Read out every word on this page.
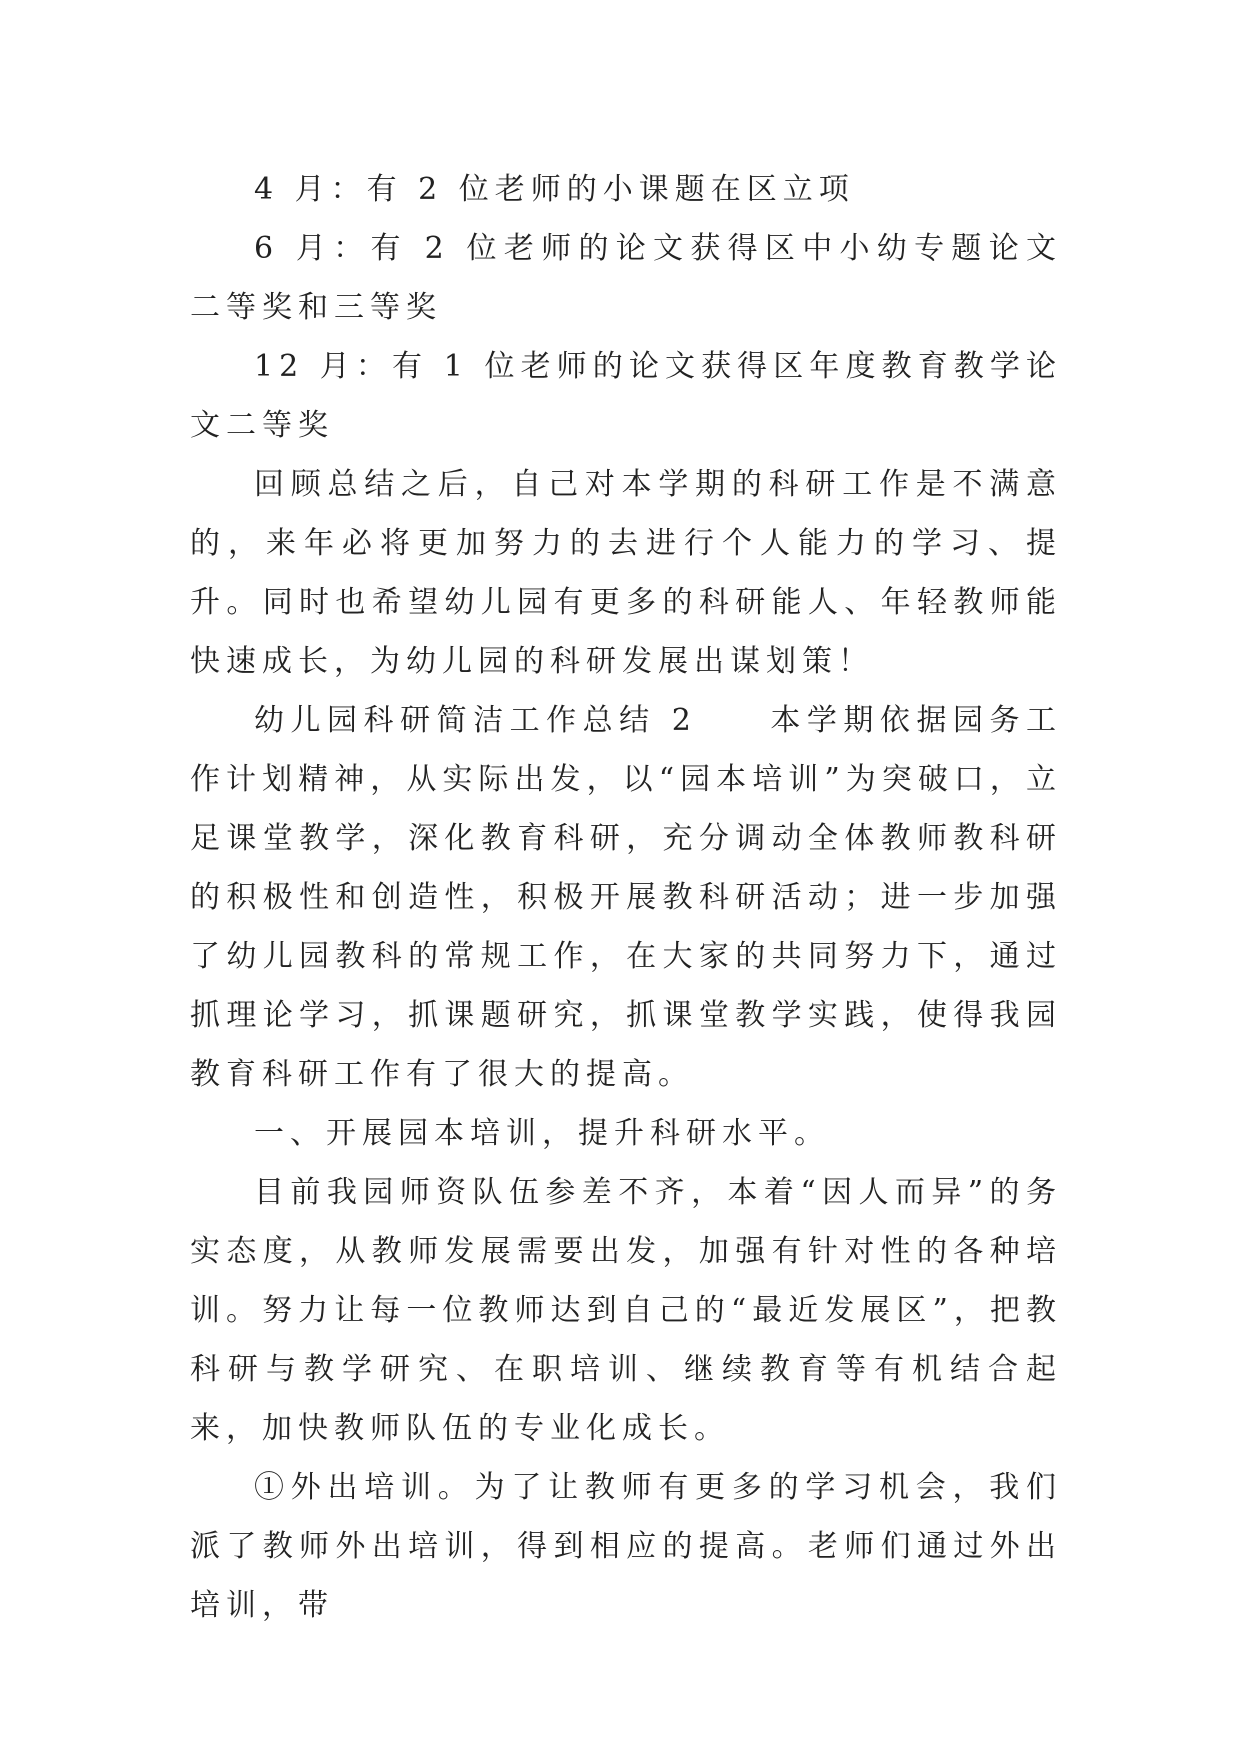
4 月：有 2 位老师的小课题在区立项

6 月：有 2 位老师的论文获得区中小幼专题论文二等奖和三等奖

12 月：有 1 位老师的论文获得区年度教育教学论文二等奖

回顾总结之后，自己对本学期的科研工作是不满意的，来年必将更加努力的去进行个人能力的学习、提升。同时也希望幼儿园有更多的科研能人、年轻教师能快速成长，为幼儿园的科研发展出谋划策！

幼儿园科研简洁工作总结 2　　本学期依据园务工作计划精神，从实际出发，以“园本培训”为突破口，立足课堂教学，深化教育科研，充分调动全体教师教科研的积极性和创造性，积极开展教科研活动；进一步加强了幼儿园教科的常规工作，在大家的共同努力下，通过抓理论学习，抓课题研究，抓课堂教学实践，使得我园教育科研工作有了很大的提高。

一、开展园本培训，提升科研水平。

目前我园师资队伍参差不齐，本着“因人而异”的务实态度，从教师发展需要出发，加强有针对性的各种培训。努力让每一位教师达到自己的“最近发展区”，把教科研与教学研究、在职培训、继续教育等有机结合起来，加快教师队伍的专业化成长。

①外出培训。为了让教师有更多的学习机会，我们派了教师外出培训，得到相应的提高。老师们通过外出培训，带
